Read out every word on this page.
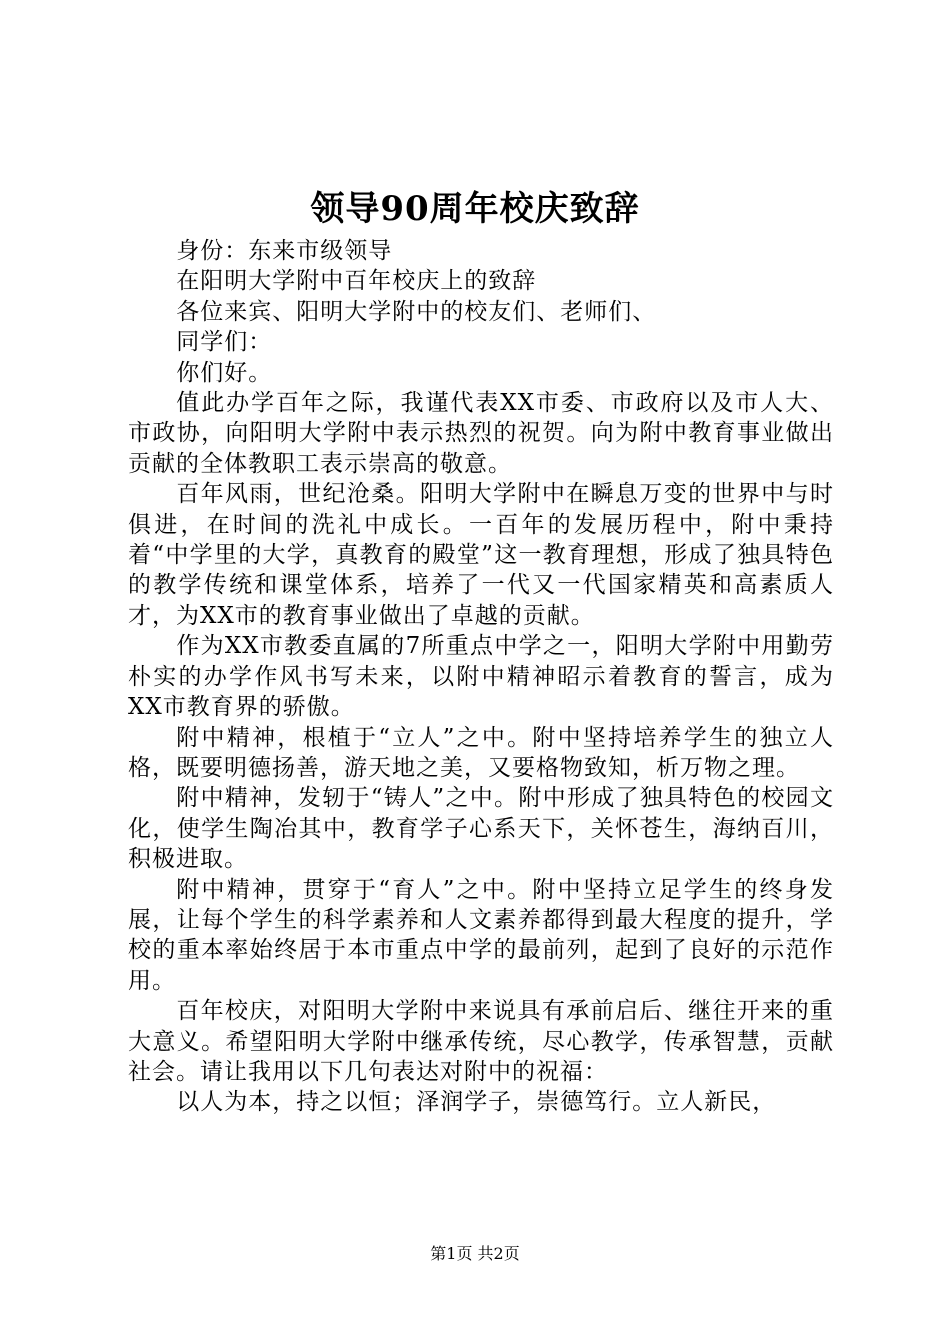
领导90周年校庆致辞

身份：东来市级领导

在阳明大学附中百年校庆上的致辞

各位来宾、阳明大学附中的校友们、老师们、

同学们：

你们好。

值此办学百年之际，我谨代表XX市委、市政府以及市人大、市政协，向阳明大学附中表示热烈的祝贺。向为附中教育事业做出贡献的全体教职工表示崇高的敬意。

百年风雨，世纪沧桑。阳明大学附中在瞬息万变的世界中与时俱进，在时间的洗礼中成长。一百年的发展历程中，附中秉持着“中学里的大学，真教育的殿堂”这一教育理想，形成了独具特色的教学传统和课堂体系，培养了一代又一代国家精英和高素质人才，为XX市的教育事业做出了卓越的贡献。

作为XX市教委直属的7所重点中学之一，阳明大学附中用勤劳朴实的办学作风书写未来，以附中精神昭示着教育的誓言，成为XX市教育界的骄傲。

附中精神，根植于“立人”之中。附中坚持培养学生的独立人格，既要明德扬善，游天地之美，又要格物致知，析万物之理。

附中精神，发轫于“铸人”之中。附中形成了独具特色的校园文化，使学生陶冶其中，教育学子心系天下，关怀苍生，海纳百川，积极进取。

附中精神，贯穿于“育人”之中。附中坚持立足学生的终身发展，让每个学生的科学素养和人文素养都得到最大程度的提升，学校的重本率始终居于本市重点中学的最前列，起到了良好的示范作用。

百年校庆，对阳明大学附中来说具有承前启后、继往开来的重大意义。希望阳明大学附中继承传统，尽心教学，传承智慧，贡献社会。请让我用以下几句表达对附中的祝福：

以人为本，持之以恒；泽润学子，崇德笃行。立人新民，

第1页 共2页
